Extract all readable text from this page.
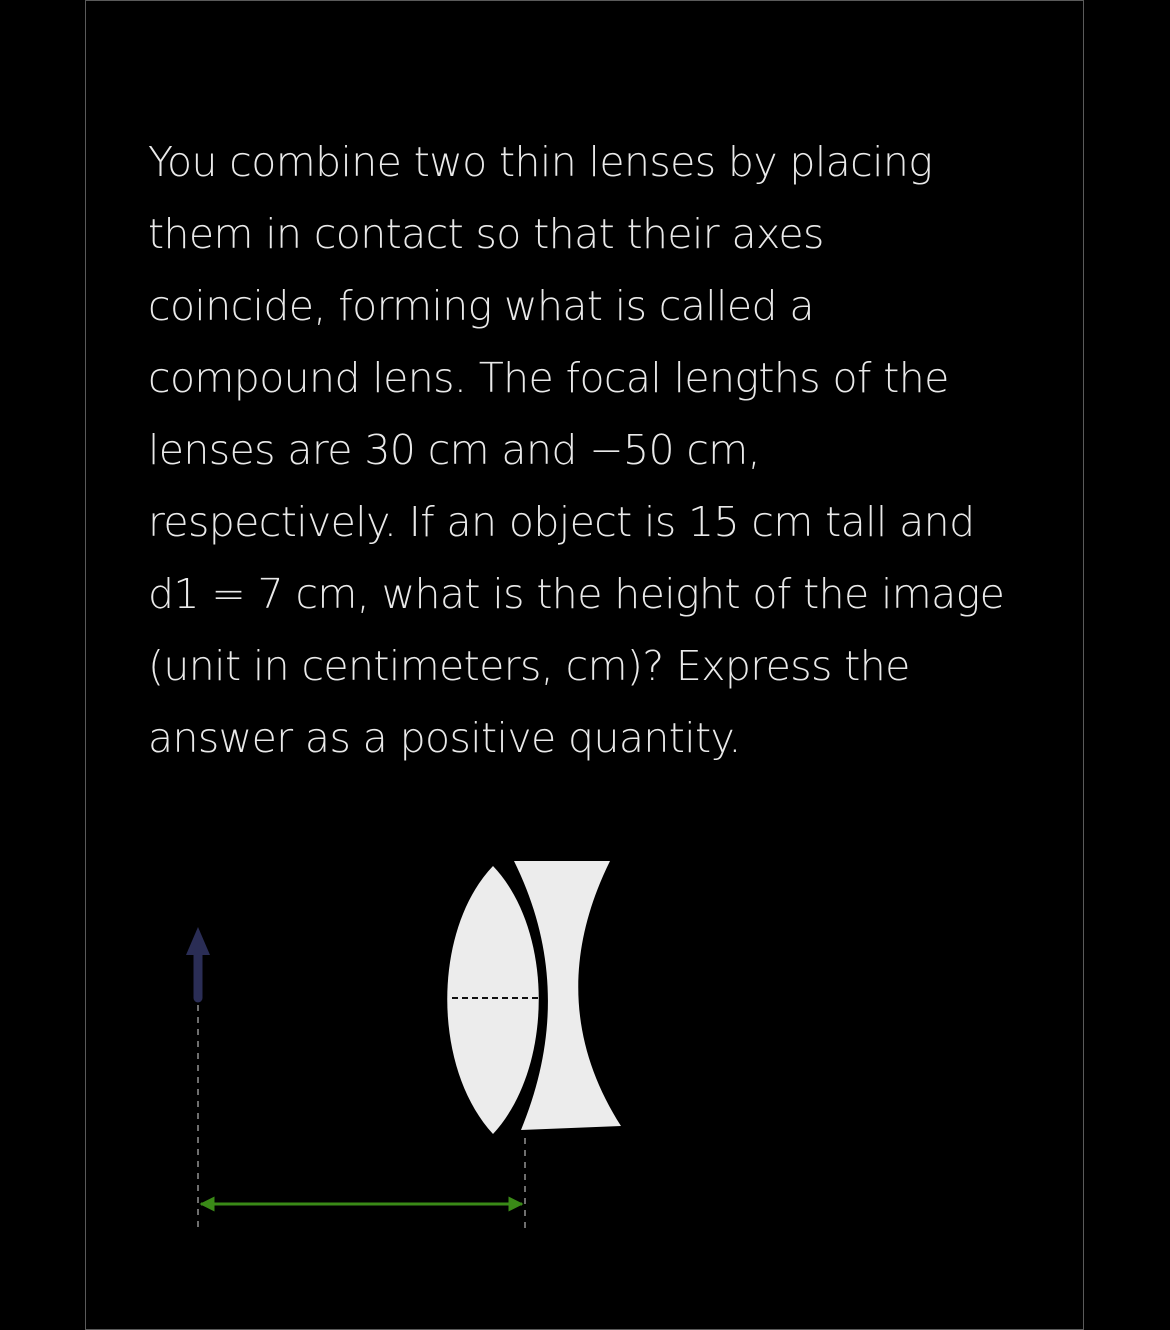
You combine two thin lenses by placing
them in contact so that their axes
coincide, forming what is called a
compound lens. The focal lengths of the
lenses are 30 cm and −50 cm,
respectively. If an object is 15 cm tall and
d1 = 7 cm, what is the height of the image
(unit in centimeters, cm)? Express the
answer as a positive quantity.
